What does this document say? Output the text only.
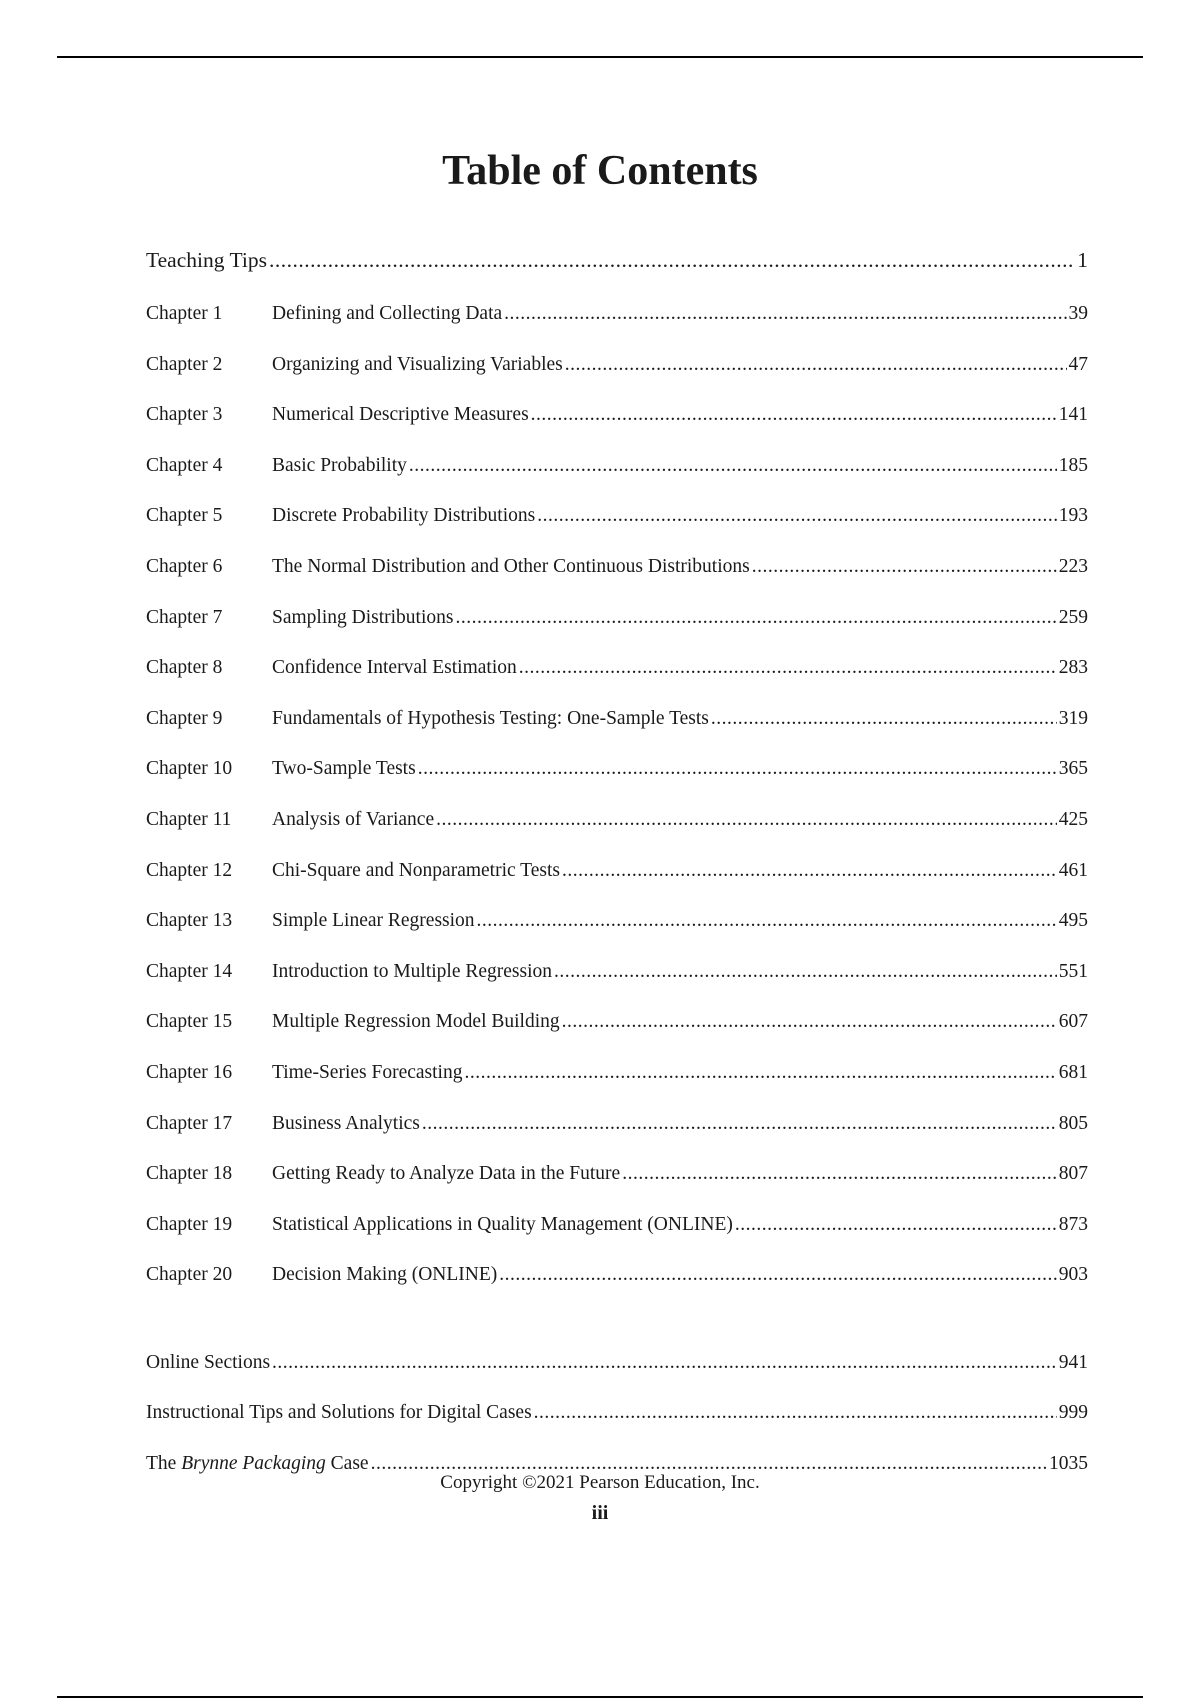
Table of Contents
Teaching Tips .....	1
Chapter 1	Defining and Collecting Data .....	39
Chapter 2	Organizing and Visualizing Variables .....	47
Chapter 3	Numerical Descriptive Measures .....	141
Chapter 4	Basic Probability .....	185
Chapter 5	Discrete Probability Distributions .....	193
Chapter 6	The Normal Distribution and Other Continuous Distributions .....	223
Chapter 7	Sampling Distributions .....	259
Chapter 8	Confidence Interval Estimation .....	283
Chapter 9	Fundamentals of Hypothesis Testing: One-Sample Tests .....	319
Chapter 10	Two-Sample Tests .....	365
Chapter 11	Analysis of Variance .....	425
Chapter 12	Chi-Square and Nonparametric Tests .....	461
Chapter 13	Simple Linear Regression .....	495
Chapter 14	Introduction to Multiple Regression .....	551
Chapter 15	Multiple Regression Model Building .....	607
Chapter 16	Time-Series Forecasting .....	681
Chapter 17	Business Analytics .....	805
Chapter 18	Getting Ready to Analyze Data in the Future .....	807
Chapter 19	Statistical Applications in Quality Management (ONLINE) .....	873
Chapter 20	Decision Making (ONLINE) .....	903
Online Sections .....	941
Instructional Tips and Solutions for Digital Cases .....	999
The Brynne Packaging Case .....	1035
Copyright ©2021 Pearson Education, Inc.
iii
